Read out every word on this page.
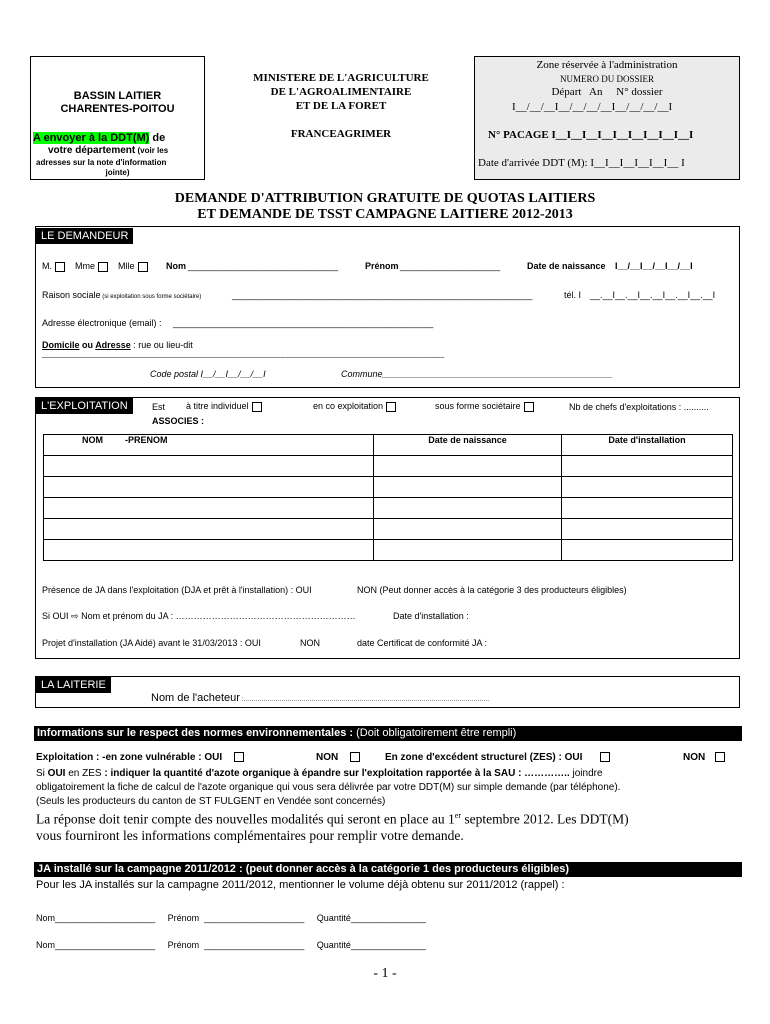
BASSIN LAITIER
CHARENTES-POITOU
A envoyer à la DDT(M) de
votre département (voir les
adresses sur la note d'information
jointe)
MINISTERE DE L'AGRICULTURE
DE L'AGROALIMENTAIRE
ET DE LA FORET
FRANCEAGRIMER
Zone réservée à l'administration
NUMERO DU DOSSIER
Départ   An     N° dossier
I__/__/__I__/__/__/__I__/__/__/__I
N° PACAGE I__I__I__I__I__I__I__I__I__I
Date d'arrivée DDT (M): I__I__I__I__I__I__ I
DEMANDE D'ATTRIBUTION GRATUITE DE QUOTAS LAITIERS
ET DEMANDE DE TSST CAMPAGNE LAITIERE 2012-2013
LE DEMANDEUR
M.	Mme	Mlle	Nom ______________________________	Prénom ____________________	Date de naissance I__/__I__/__I__/__I
Raison sociale (si exploitation sous forme sociétaire)	____________________________________________________________	tél. I __.__I__.__I__.__I__.__I__.__I
Adresse électronique (email) : ____________________________________________________
Domicile ou Adresse : rue ou lieu-dit
________________________________________________________________________________________________
Code postal I__/__I__/__/__I	Commune______________________________________________
L'EXPLOITATION	Est à titre individuel	en co exploitation	sous forme sociétaire	Nb de chefs d'exploitations : ..........
ASSOCIES :
NOM -PRENOM	Date de naissance	Date d'installation

Présence de JA dans l'exploitation (DJA et prêt à l'installation) : OUI	NON (Peut donner accès à la catégorie 3 des producteurs éligibles)
Si OUI ⇨ Nom et prénom du JA : ……………………………………………………	Date d'installation :
Projet d'installation (JA Aidé) avant le 31/03/2013 : OUI	NON	date Certificat de conformité JA :
LA LAITERIE
Nom de l'acheteur :……………………………………………………………………………………………………………
Informations sur le respect des normes environnementales : (Doit obligatoirement être rempli)
Exploitation : -en zone vulnérable : OUI	NON	En zone d'excédent structurel (ZES) : OUI	NON
Si OUI en ZES : indiquer la quantité d'azote organique à épandre sur l'exploitation rapportée à la SAU : ………….. joindre
obligatoirement la fiche de calcul de l'azote organique qui vous sera délivrée par votre DDT(M) sur simple demande (par téléphone).
(Seuls les producteurs du canton de ST FULGENT en Vendée sont concernés)
La réponse doit tenir compte des nouvelles modalités qui seront en place au 1er septembre 2012. Les DDT(M)
vous fourniront les informations complémentaires pour remplir votre demande.
JA installé sur la campagne 2011/2012 : (peut donner accès à la catégorie 1 des producteurs éligibles)
Pour les JA installés sur la campagne 2011/2012, mentionner le volume déjà obtenu sur 2011/2012 (rappel) :
Nom____________________ Prénom ____________________ Quantité_______________
Nom____________________ Prénom ____________________ Quantité_______________
- 1 -
